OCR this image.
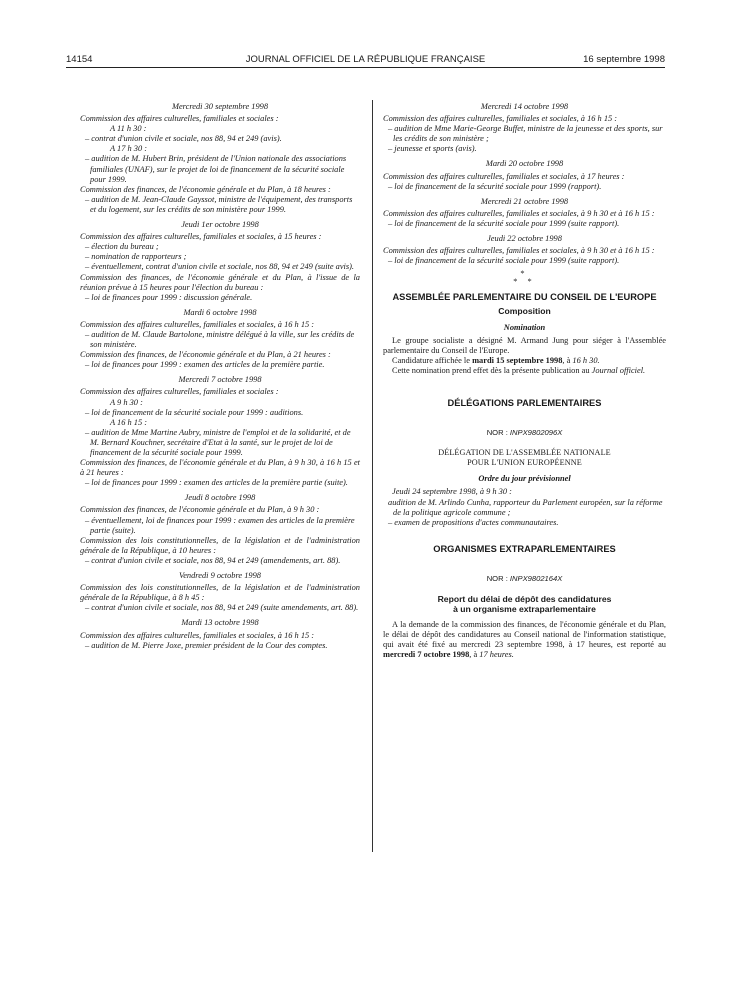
14154	JOURNAL OFFICIEL DE LA RÉPUBLIQUE FRANÇAISE	16 septembre 1998
Mercredi 30 septembre 1998
Commission des affaires culturelles, familiales et sociales :
A 11 h 30 :
– contrat d'union civile et sociale, nos 88, 94 et 249 (avis).
A 17 h 30 :
– audition de M. Hubert Brin, président de l'Union nationale des associations familiales (UNAF), sur le projet de loi de financement de la sécurité sociale pour 1999.
Commission des finances, de l'économie générale et du Plan, à 18 heures :
– audition de M. Jean-Claude Gayssot, ministre de l'équipement, des transports et du logement, sur les crédits de son ministère pour 1999.
Jeudi 1er octobre 1998
Commission des affaires culturelles, familiales et sociales, à 15 heures :
– élection du bureau ;
– nomination de rapporteurs ;
– éventuellement, contrat d'union civile et sociale, nos 88, 94 et 249 (suite avis).
Commission des finances, de l'économie générale et du Plan, à l'issue de la réunion prévue à 15 heures pour l'élection du bureau :
– loi de finances pour 1999 : discussion générale.
Mardi 6 octobre 1998
Commission des affaires culturelles, familiales et sociales, à 16 h 15 :
– audition de M. Claude Bartolone, ministre délégué à la ville, sur les crédits de son ministère.
Commission des finances, de l'économie générale et du Plan, à 21 heures :
– loi de finances pour 1999 : examen des articles de la première partie.
Mercredi 7 octobre 1998
Commission des affaires culturelles, familiales et sociales :
A 9 h 30 :
– loi de financement de la sécurité sociale pour 1999 : auditions.
A 16 h 15 :
– audition de Mme Martine Aubry, ministre de l'emploi et de la solidarité, et de M. Bernard Kouchner, secrétaire d'Etat à la santé, sur le projet de loi de financement de la sécurité sociale pour 1999.
Commission des finances, de l'économie générale et du Plan, à 9 h 30, à 16 h 15 et à 21 heures :
– loi de finances pour 1999 : examen des articles de la première partie (suite).
Jeudi 8 octobre 1998
Commission des finances, de l'économie générale et du Plan, à 9 h 30 :
– éventuellement, loi de finances pour 1999 : examen des articles de la première partie (suite).
Commission des lois constitutionnelles, de la législation et de l'administration générale de la République, à 10 heures :
– contrat d'union civile et sociale, nos 88, 94 et 249 (amendements, art. 88).
Vendredi 9 octobre 1998
Commission des lois constitutionnelles, de la législation et de l'administration générale de la République, à 8 h 45 :
– contrat d'union civile et sociale, nos 88, 94 et 249 (suite amendements, art. 88).
Mardi 13 octobre 1998
Commission des affaires culturelles, familiales et sociales, à 16 h 15 :
– audition de M. Pierre Joxe, premier président de la Cour des comptes.
Mercredi 14 octobre 1998
Commission des affaires culturelles, familiales et sociales, à 16 h 15 :
– audition de Mme Marie-George Buffet, ministre de la jeunesse et des sports, sur les crédits de son ministère ;
– jeunesse et sports (avis).
Mardi 20 octobre 1998
Commission des affaires culturelles, familiales et sociales, à 17 heures :
– loi de financement de la sécurité sociale pour 1999 (rapport).
Mercredi 21 octobre 1998
Commission des affaires culturelles, familiales et sociales, à 9 h 30 et à 16 h 15 :
– loi de financement de la sécurité sociale pour 1999 (suite rapport).
Jeudi 22 octobre 1998
Commission des affaires culturelles, familiales et sociales, à 9 h 30 et à 16 h 15 :
– loi de financement de la sécurité sociale pour 1999 (suite rapport).
*
* *
ASSEMBLÉE PARLEMENTAIRE DU CONSEIL DE L'EUROPE
Composition
Nomination
Le groupe socialiste a désigné M. Armand Jung pour siéger à l'Assemblée parlementaire du Conseil de l'Europe.
Candidature affichée le mardi 15 septembre 1998, à 16 h 30.
Cette nomination prend effet dès la présente publication au Journal officiel.
DÉLÉGATIONS PARLEMENTAIRES
NOR : INPX9802096X
DÉLÉGATION DE L'ASSEMBLÉE NATIONALE
POUR L'UNION EUROPÉENNE
Ordre du jour prévisionnel
Jeudi 24 septembre 1998, à 9 h 30 :
audition de M. Arlindo Cunha, rapporteur du Parlement européen, sur la réforme de la politique agricole commune ;
– examen de propositions d'actes communautaires.
ORGANISMES EXTRAPARLEMENTAIRES
NOR : INPX9802164X
Report du délai de dépôt des candidatures
à un organisme extraparlementaire
A la demande de la commission des finances, de l'économie générale et du Plan, le délai de dépôt des candidatures au Conseil national de l'information statistique, qui avait été fixé au mercredi 23 septembre 1998, à 17 heures, est reporté au mercredi 7 octobre 1998, à 17 heures.
